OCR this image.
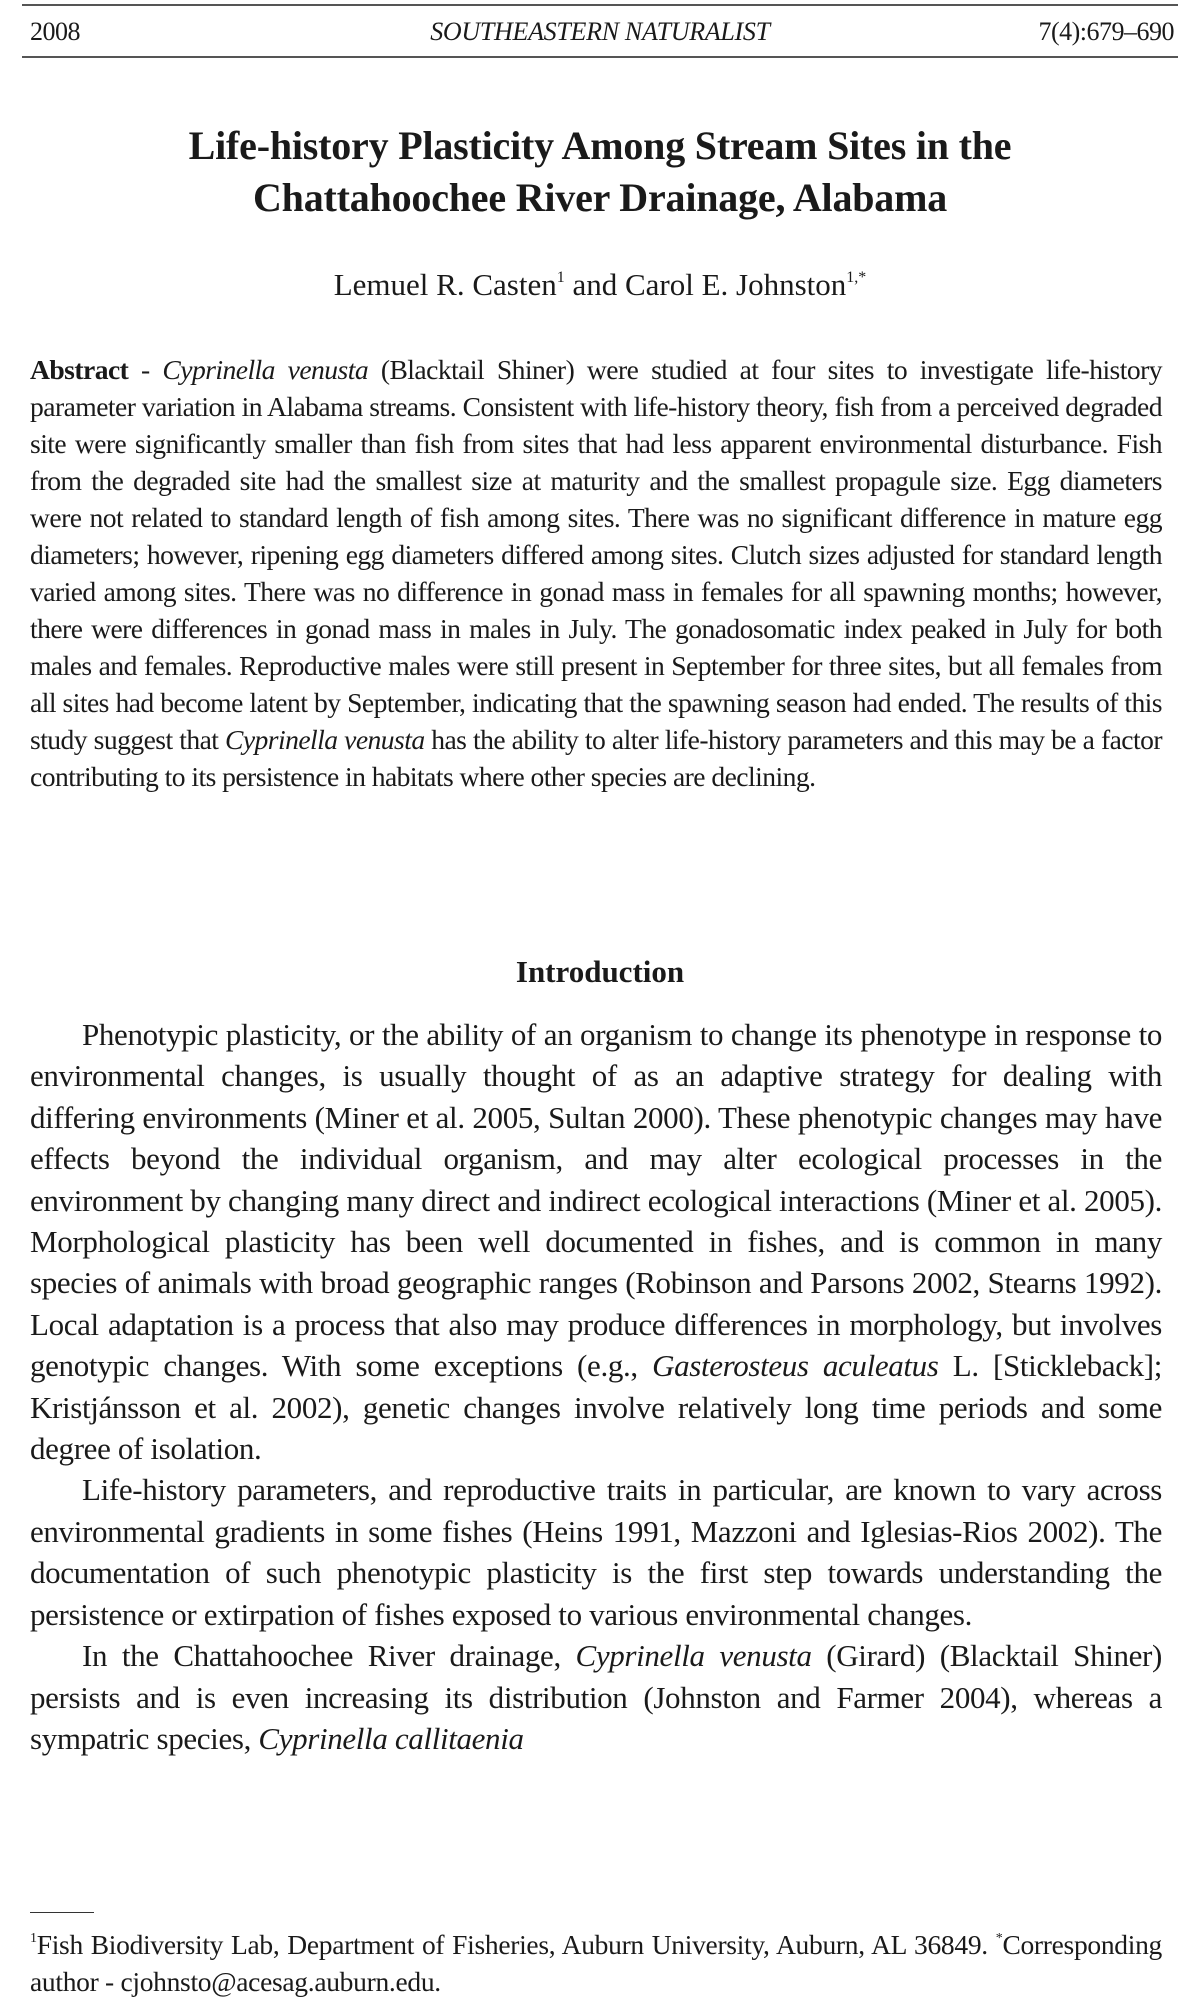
2008	SOUTHEASTERN NATURALIST	7(4):679–690
Life-history Plasticity Among Stream Sites in the
Chattahoochee River Drainage, Alabama
Lemuel R. Casten$^1$ and Carol E. Johnston$^{1,*}$
Abstract - Cyprinella venusta (Blacktail Shiner) were studied at four sites to investigate life-history parameter variation in Alabama streams. Consistent with life-history theory, fish from a perceived degraded site were significantly smaller than fish from sites that had less apparent environmental disturbance. Fish from the degraded site had the smallest size at maturity and the smallest propagule size. Egg diameters were not related to standard length of fish among sites. There was no significant difference in mature egg diameters; however, ripening egg diameters differed among sites. Clutch sizes adjusted for standard length varied among sites. There was no difference in gonad mass in females for all spawning months; however, there were differences in gonad mass in males in July. The gonadosomatic index peaked in July for both males and females. Reproductive males were still present in September for three sites, but all females from all sites had become latent by September, indicating that the spawning season had ended. The results of this study suggest that Cyprinella venusta has the ability to alter life-history parameters and this may be a factor contributing to its persistence in habitats where other species are declining.
Introduction

Phenotypic plasticity, or the ability of an organism to change its phenotype in response to environmental changes, is usually thought of as an adaptive strategy for dealing with differing environments (Miner et al. 2005, Sultan 2000). These phenotypic changes may have effects beyond the individual organism, and may alter ecological processes in the environment by changing many direct and indirect ecological interactions (Miner et al. 2005). Morphological plasticity has been well documented in fishes, and is common in many species of animals with broad geographic ranges (Robinson and Parsons 2002, Stearns 1992). Local adaptation is a process that also may produce differences in morphology, but involves genotypic changes. With some exceptions (e.g., Gasterosteus aculeatus L. [Stickleback]; Kristjánsson et al. 2002), genetic changes involve relatively long time periods and some degree of isolation.

Life-history parameters, and reproductive traits in particular, are known to vary across environmental gradients in some fishes (Heins 1991, Mazzoni and Iglesias-Rios 2002). The documentation of such phenotypic plasticity is the first step towards understanding the persistence or extirpation of fishes exposed to various environmental changes.

In the Chattahoochee River drainage, Cyprinella venusta (Girard) (Blacktail Shiner) persists and is even increasing its distribution (Johnston and Farmer 2004), whereas a sympatric species, Cyprinella callitaenia

$^1$Fish Biodiversity Lab, Department of Fisheries, Auburn University, Auburn, AL 36849. *Corresponding author - cjohnsto@acesag.auburn.edu.
